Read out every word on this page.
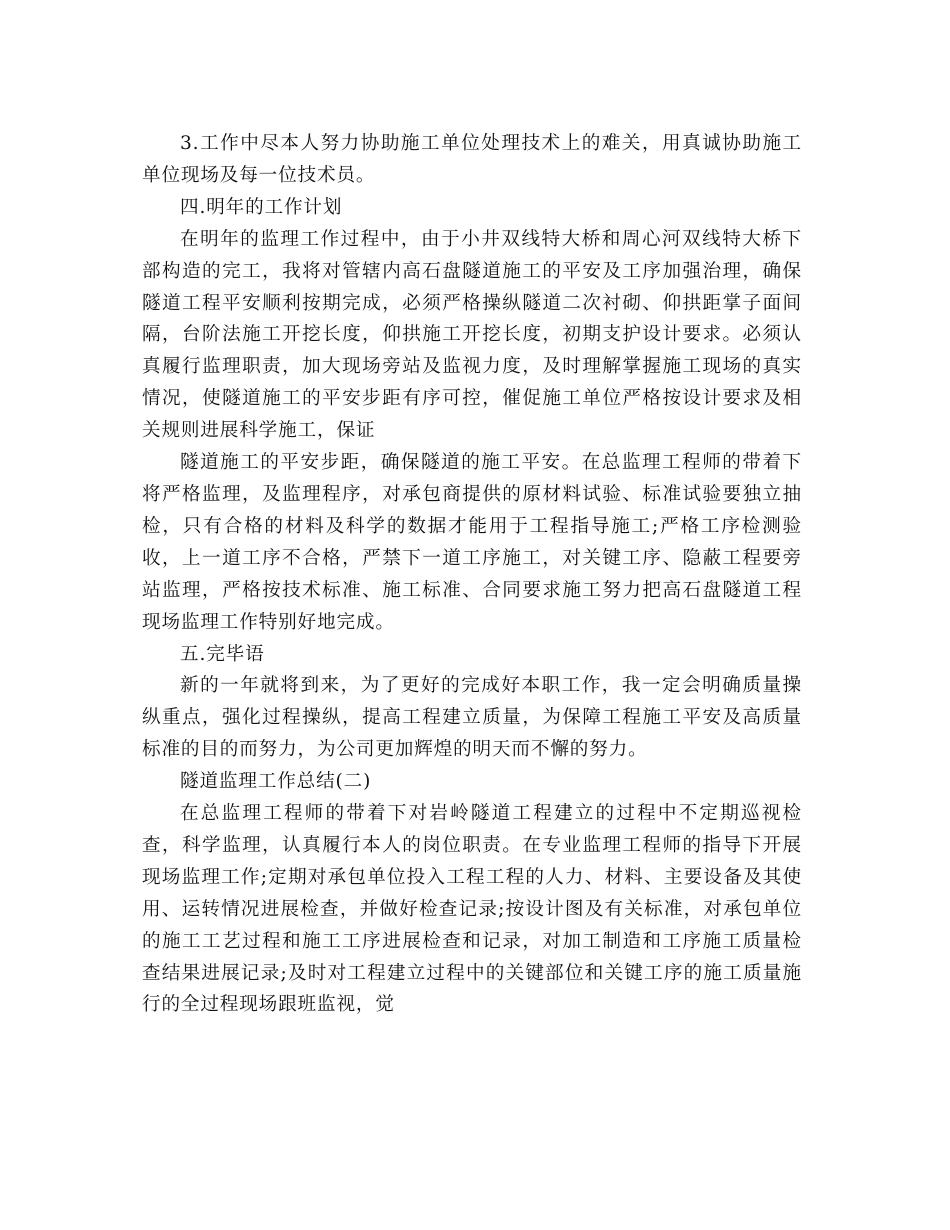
3.工作中尽本人努力协助施工单位处理技术上的难关，用真诚协助施工单位现场及每一位技术员。

四.明年的工作计划

在明年的监理工作过程中，由于小井双线特大桥和周心河双线特大桥下部构造的完工，我将对管辖内高石盘隧道施工的平安及工序加强治理，确保隧道工程平安顺利按期完成，必须严格操纵隧道二次衬砌、仰拱距掌子面间隔，台阶法施工开挖长度，仰拱施工开挖长度，初期支护设计要求。必须认真履行监理职责，加大现场旁站及监视力度，及时理解掌握施工现场的真实情况，使隧道施工的平安步距有序可控，催促施工单位严格按设计要求及相关规则进展科学施工，保证

隧道施工的平安步距，确保隧道的施工平安。在总监理工程师的带着下将严格监理，及监理程序，对承包商提供的原材料试验、标准试验要独立抽检，只有合格的材料及科学的数据才能用于工程指导施工;严格工序检测验收，上一道工序不合格，严禁下一道工序施工，对关键工序、隐蔽工程要旁站监理，严格按技术标准、施工标准、合同要求施工努力把高石盘隧道工程现场监理工作特别好地完成。

五.完毕语

新的一年就将到来，为了更好的完成好本职工作，我一定会明确质量操纵重点，强化过程操纵，提高工程建立质量，为保障工程施工平安及高质量标准的目的而努力，为公司更加辉煌的明天而不懈的努力。

隧道监理工作总结(二)

在总监理工程师的带着下对岩岭隧道工程建立的过程中不定期巡视检查，科学监理，认真履行本人的岗位职责。在专业监理工程师的指导下开展现场监理工作;定期对承包单位投入工程工程的人力、材料、主要设备及其使用、运转情况进展检查，并做好检查记录;按设计图及有关标准，对承包单位的施工工艺过程和施工工序进展检查和记录，对加工制造和工序施工质量检查结果进展记录;及时对工程建立过程中的关键部位和关键工序的施工质量施行的全过程现场跟班监视，觉
